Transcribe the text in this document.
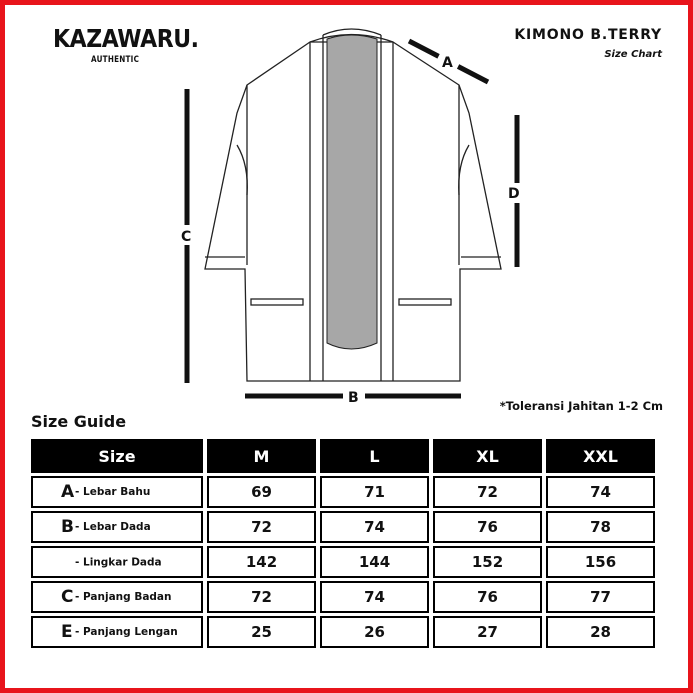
KAZAWARU.
AUTHENTIC
KIMONO B.TERRY
Size Chart
A
C
D
B	*Toleransi Jahitan 1-2 Cm
Size Guide
Size	M	L	XL	XXL
A- Lebar Bahu	69	71	72	74
B- Lebar Dada	72	74	76	78
- Lingkar Dada	142	144	152	156
C - Panjang Badan	72	74	76	77
E - Panjang Lengan	25	26	27	28
